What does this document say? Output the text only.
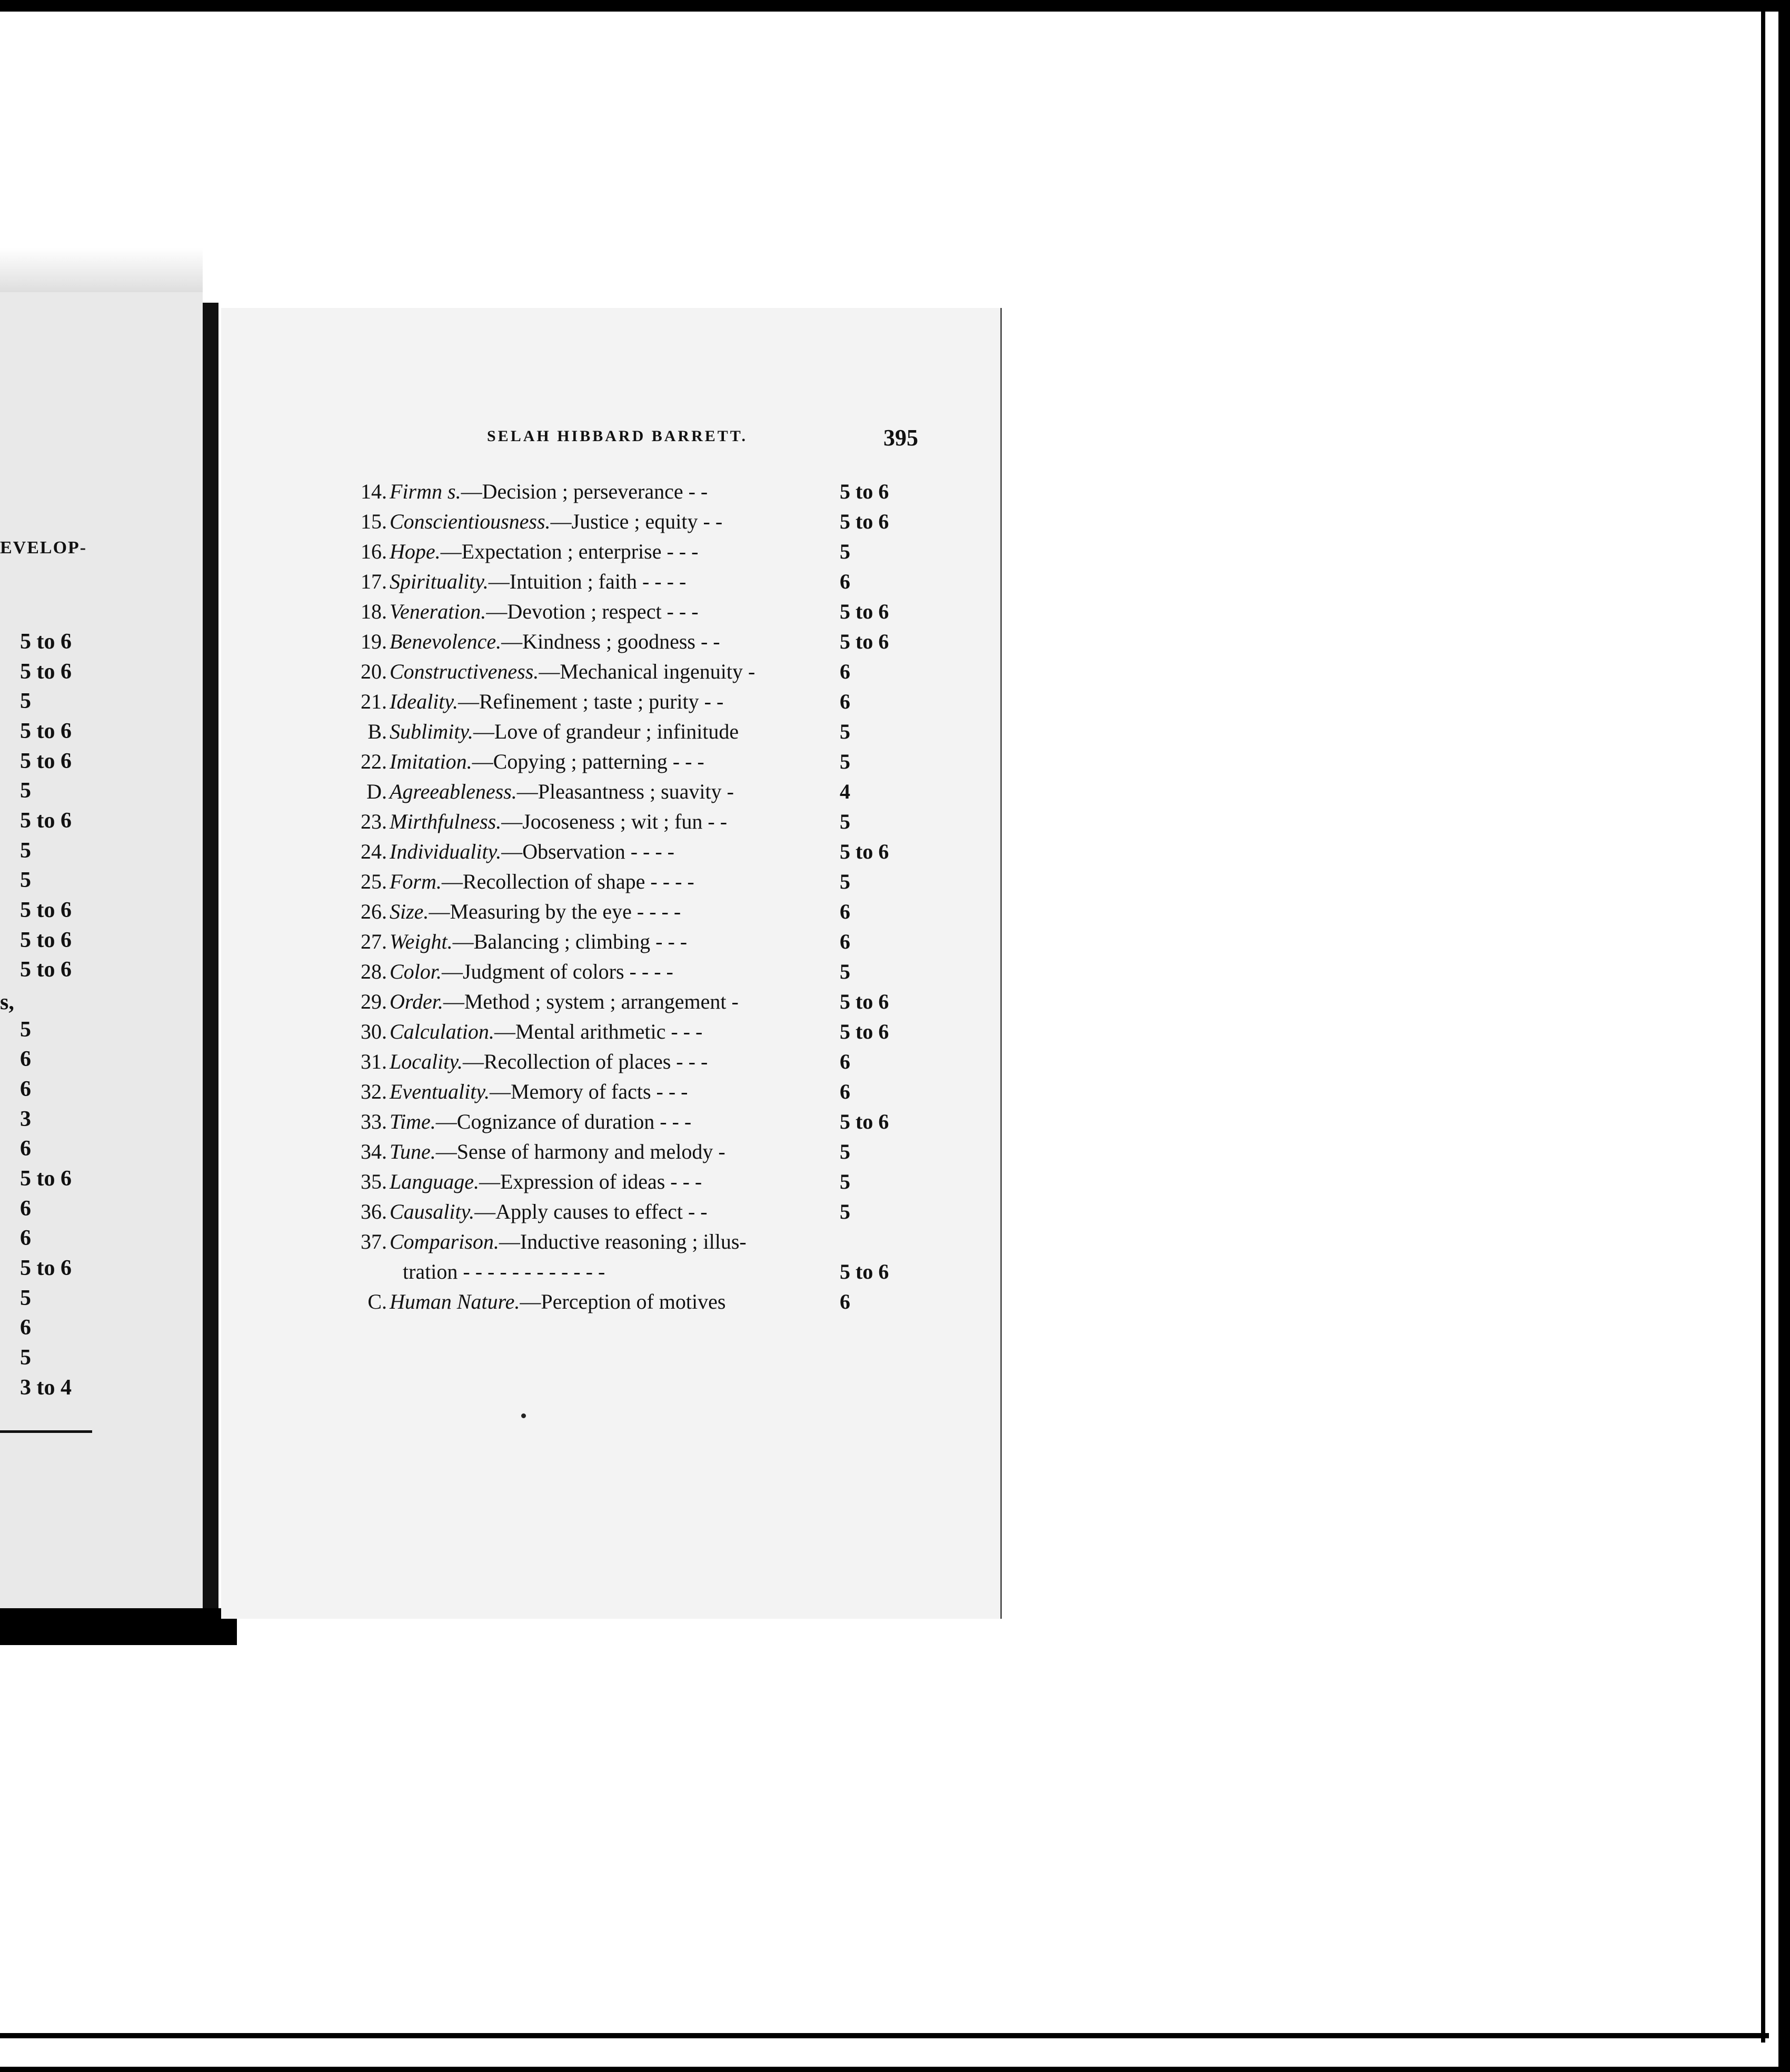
EVELOP-
s,
5 to 6
5 to 6
5
5 to 6
5 to 6
5
5 to 6
5
5
5 to 6
5 to 6
5 to 6
5
6
6
3
6
5 to 6
6
6
5 to 6
5
6
5
3 to 4
SELAH HIBBARD BARRETT.	395
14. Firmn s.—Decision ; perseverance - -	5 to 6
15. Conscientiousness.—Justice ; equity - -	5 to 6
16. Hope.—Expectation ; enterprise - - -	5
17. Spirituality.—Intuition ; faith - - - -	6
18. Veneration.—Devotion ; respect - - -	5 to 6
19. Benevolence.—Kindness ; goodness - -	5 to 6
20. Constructiveness.—Mechanical ingenuity -	6
21. Ideality.—Refinement ; taste ; purity - -	6
B. Sublimity.—Love of grandeur ; infinitude	5
22. Imitation.—Copying ; patterning - - -	5
D. Agreeableness.—Pleasantness ; suavity -	4
23. Mirthfulness.—Jocoseness ; wit ; fun - -	5
24. Individuality.—Observation - - - -	5 to 6
25. Form.—Recollection of shape - - - -	5
26. Size.—Measuring by the eye - - - -	6
27. Weight.—Balancing ; climbing - - -	6
28. Color.—Judgment of colors - - - -	5
29. Order.—Method ; system ; arrangement -	5 to 6
30. Calculation.—Mental arithmetic - - -	5 to 6
31. Locality.—Recollection of places - - -	6
32. Eventuality.—Memory of facts - - -	6
33. Time.—Cognizance of duration - - -	5 to 6
34. Tune.—Sense of harmony and melody -	5
35. Language.—Expression of ideas - - -	5
36. Causality.—Apply causes to effect - -	5
37. Comparison.—Inductive reasoning ; illus-
tration - - - - - - - - - - - -	5 to 6
C. Human Nature.—Perception of motives	6
